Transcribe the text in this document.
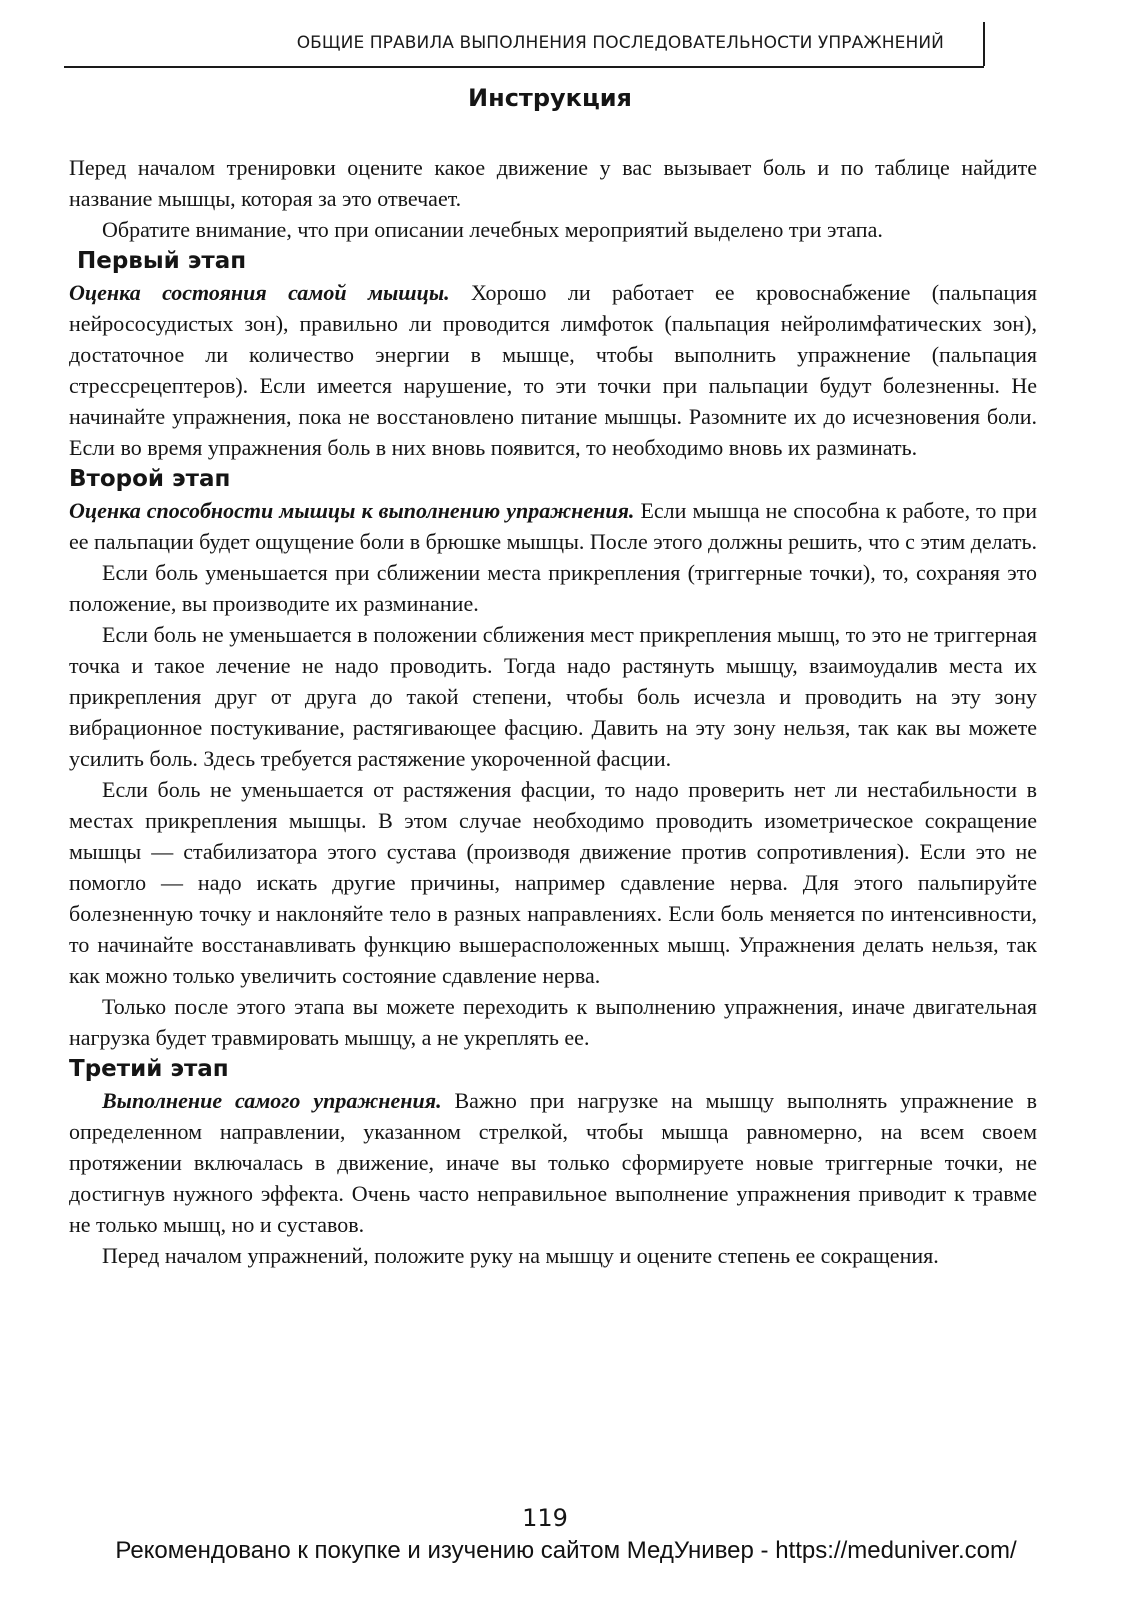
ОБЩИЕ ПРАВИЛА ВЫПОЛНЕНИЯ ПОСЛЕДОВАТЕЛЬНОСТИ УПРАЖНЕНИЙ
Инструкция

Перед началом тренировки оцените какое движение у вас вызывает боль и по таблице найдите название мышцы, которая за это отвечает.

Обратите внимание, что при описании лечебных мероприятий выделено три этапа.

Первый этап

Оценка состояния самой мышцы. Хорошо ли работает ее кровоснабжение (пальпация нейрососудистых зон), правильно ли проводится лимфоток (пальпация нейролимфатических зон), достаточное ли количество энергии в мышце, чтобы выполнить упражнение (пальпация стрессрецептеров). Если имеется нарушение, то эти точки при пальпации будут болезненны. Не начинайте упражнения, пока не восстановлено питание мышцы. Разомните их до исчезновения боли. Если во время упражнения боль в них вновь появится, то необходимо вновь их разминать.

Второй этап

Оценка способности мышцы к выполнению упражнения. Если мышца не способна к работе, то при ее пальпации будет ощущение боли в брюшке мышцы. После этого должны решить, что с этим делать.

Если боль уменьшается при сближении места прикрепления (триггерные точки), то, сохраняя это положение, вы производите их разминание.

Если боль не уменьшается в положении сближения мест прикрепления мышц, то это не триггерная точка и такое лечение не надо проводить. Тогда надо растянуть мышцу, взаимоудалив места их прикрепления друг от друга до такой степени, чтобы боль исчезла и проводить на эту зону вибрационное постукивание, растягивающее фасцию. Давить на эту зону нельзя, так как вы можете усилить боль. Здесь требуется растяжение укороченной фасции.

Если боль не уменьшается от растяжения фасции, то надо проверить нет ли нестабильности в местах прикрепления мышцы. В этом случае необходимо проводить изометрическое сокращение мышцы — стабилизатора этого сустава (производя движение против сопротивления). Если это не помогло — надо искать другие причины, например сдавление нерва. Для этого пальпируйте болезненную точку и наклоняйте тело в разных направлениях. Если боль меняется по интенсивности, то начинайте восстанавливать функцию вышерасположенных мышц. Упражнения делать нельзя, так как можно только увеличить состояние сдавление нерва.

Только после этого этапа вы можете переходить к выполнению упражнения, иначе двигательная нагрузка будет травмировать мышцу, а не укреплять ее.

Третий этап

Выполнение самого упражнения. Важно при нагрузке на мышцу выполнять упражнение в определенном направлении, указанном стрелкой, чтобы мышца равномерно, на всем своем протяжении включалась в движение, иначе вы только сформируете новые триггерные точки, не достигнув нужного эффекта. Очень часто неправильное выполнение упражнения приводит к травме не только мышц, но и суставов.

Перед началом упражнений, положите руку на мышцу и оцените степень ее сокращения.

119
Рекомендовано к покупке и изучению сайтом МедУнивер - https://meduniver.com/
